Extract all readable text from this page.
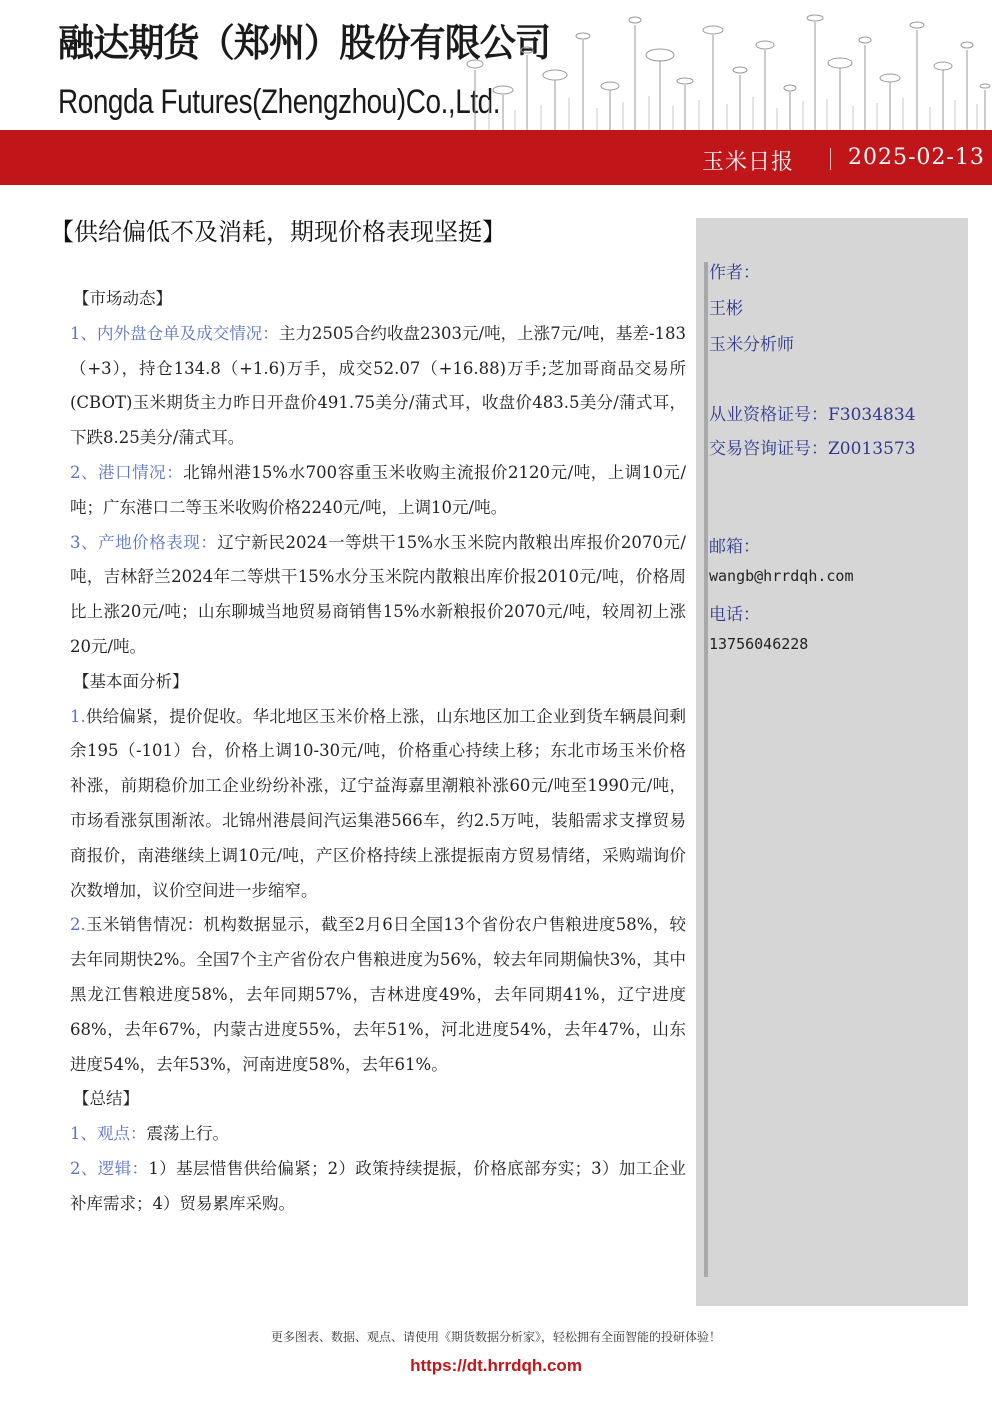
融达期货（郑州）股份有限公司
Rongda Futures(Zhengzhou)Co.,Ltd.
玉米日报 2025-02-13
【供给偏低不及消耗，期现价格表现坚挺】
作者：
王彬
玉米分析师
从业资格证号：F3034834
交易咨询证号：Z0013573
邮箱：
wangb@hrrdqh.com
电话：
13756046228
【市场动态】
1、内外盘仓单及成交情况：主力2505合约收盘2303元/吨，上涨7元/吨，基差-183（+3），持仓134.8（+1.6)万手，成交52.07（+16.88)万手;芝加哥商品交易所(CBOT)玉米期货主力昨日开盘价491.75美分/蒲式耳，收盘价483.5美分/蒲式耳，下跌8.25美分/蒲式耳。
2、港口情况：北锦州港15%水700容重玉米收购主流报价2120元/吨，上调10元/吨；广东港口二等玉米收购价格2240元/吨，上调10元/吨。
3、产地价格表现：辽宁新民2024一等烘干15%水玉米院内散粮出库报价2070元/吨，吉林舒兰2024年二等烘干15%水分玉米院内散粮出库价报2010元/吨，价格周比上涨20元/吨；山东聊城当地贸易商销售15%水新粮报价2070元/吨，较周初上涨20元/吨。
【基本面分析】
1.供给偏紧，提价促收。华北地区玉米价格上涨，山东地区加工企业到货车辆晨间剩余195（-101）台，价格上调10-30元/吨，价格重心持续上移；东北市场玉米价格补涨，前期稳价加工企业纷纷补涨，辽宁益海嘉里潮粮补涨60元/吨至1990元/吨，市场看涨氛围渐浓。北锦州港晨间汽运集港566车，约2.5万吨，装船需求支撑贸易商报价，南港继续上调10元/吨，产区价格持续上涨提振南方贸易情绪，采购端询价次数增加，议价空间进一步缩窄。
2.玉米销售情况：机构数据显示，截至2月6日全国13个省份农户售粮进度58%，较去年同期快2%。全国7个主产省份农户售粮进度为56%，较去年同期偏快3%，其中黑龙江售粮进度58%，去年同期57%，吉林进度49%，去年同期41%，辽宁进度68%，去年67%，内蒙古进度55%，去年51%，河北进度54%，去年47%，山东进度54%，去年53%，河南进度58%，去年61%。
【总结】
1、观点：震荡上行。
2、逻辑：1）基层惜售供给偏紧；2）政策持续提振，价格底部夯实；3）加工企业补库需求；4）贸易累库采购。
更多图表、数据、观点、请使用《期货数据分析家》，轻松拥有全面智能的投研体验！
https://dt.hrrdqh.com
